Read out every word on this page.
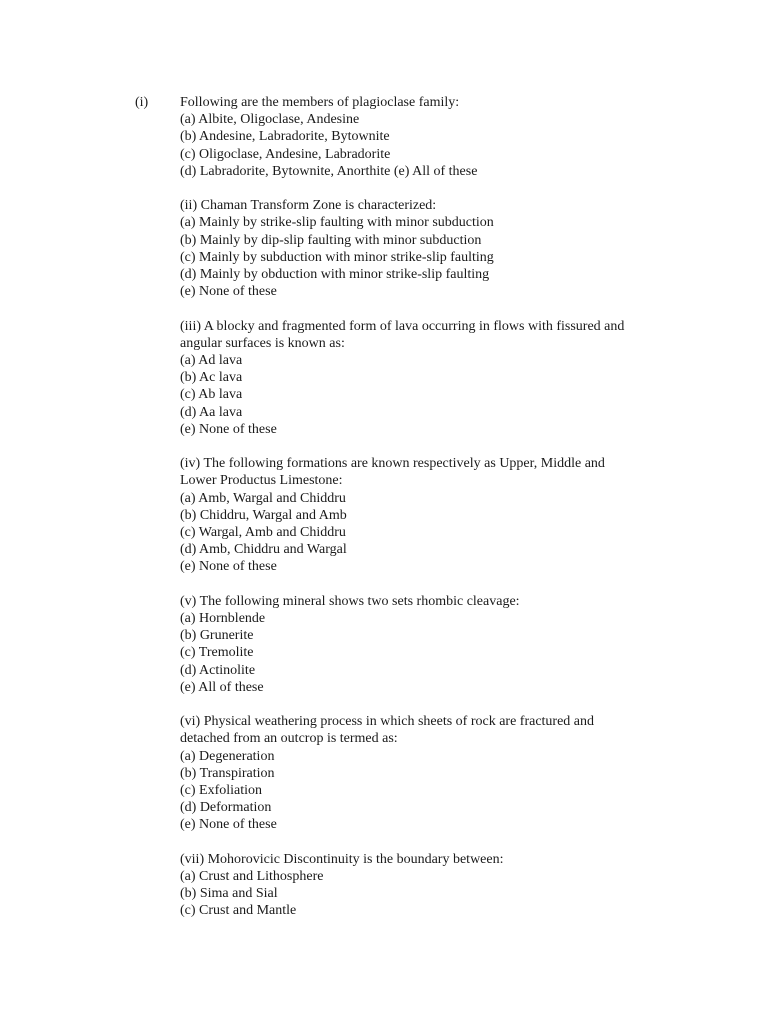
(i) Following are the members of plagioclase family:
(a) Albite, Oligoclase, Andesine
(b) Andesine, Labradorite, Bytownite
(c) Oligoclase, Andesine, Labradorite
(d) Labradorite, Bytownite, Anorthite (e) All of these
(ii) Chaman Transform Zone is characterized:
(a) Mainly by strike-slip faulting with minor subduction
(b) Mainly by dip-slip faulting with minor subduction
(c) Mainly by subduction with minor strike-slip faulting
(d) Mainly by obduction with minor strike-slip faulting
(e) None of these
(iii) A blocky and fragmented form of lava occurring in flows with fissured and
angular surfaces is known as:
(a) Ad lava
(b) Ac lava
(c) Ab lava
(d) Aa lava
(e) None of these
(iv) The following formations are known respectively as Upper, Middle and
Lower Productus Limestone:
(a) Amb, Wargal and Chiddru
(b) Chiddru, Wargal and Amb
(c) Wargal, Amb and Chiddru
(d) Amb, Chiddru and Wargal
(e) None of these
(v) The following mineral shows two sets rhombic cleavage:
(a) Hornblende
(b) Grunerite
(c) Tremolite
(d) Actinolite
(e) All of these
(vi) Physical weathering process in which sheets of rock are fractured and
detached from an outcrop is termed as:
(a) Degeneration
(b) Transpiration
(c) Exfoliation
(d) Deformation
(e) None of these
(vii) Mohorovicic Discontinuity is the boundary between:
(a) Crust and Lithosphere
(b) Sima and Sial
(c) Crust and Mantle
